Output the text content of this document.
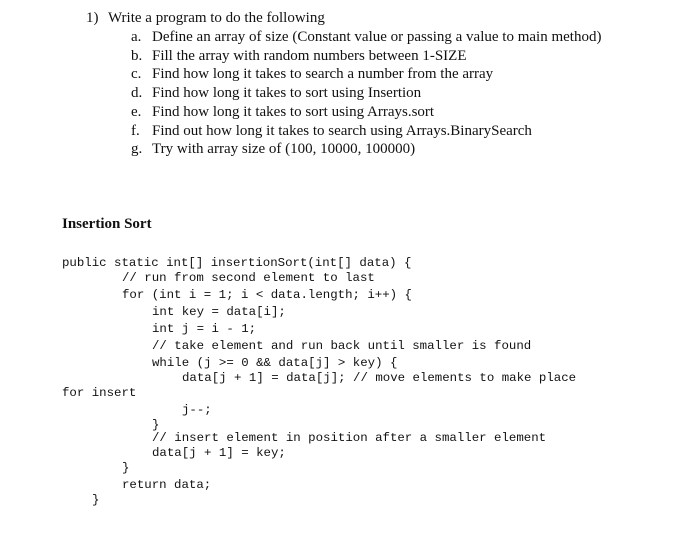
1) Write a program to do the following
a. Define an array of size (Constant value or passing a value to main method)
b. Fill the array with random numbers between 1-SIZE
c. Find how long it takes to search a number from the array
d. Find how long it takes to sort using Insertion
e. Find how long it takes to sort using Arrays.sort
f. Find out how long it takes to search using Arrays.BinarySearch
g. Try with array size of (100, 10000, 100000)
Insertion Sort
public static int[] insertionSort(int[] data) {
// run from second element to last
for (int i = 1; i < data.length; i++) {
int key = data[i];
int j = i - 1;
// take element and run back until smaller is found
while (j >= 0 && data[j] > key) {
data[j + 1] = data[j]; // move elements to make place
for insert
j--;
}
// insert element in position after a smaller element
data[j + 1] = key;
}
return data;
}
